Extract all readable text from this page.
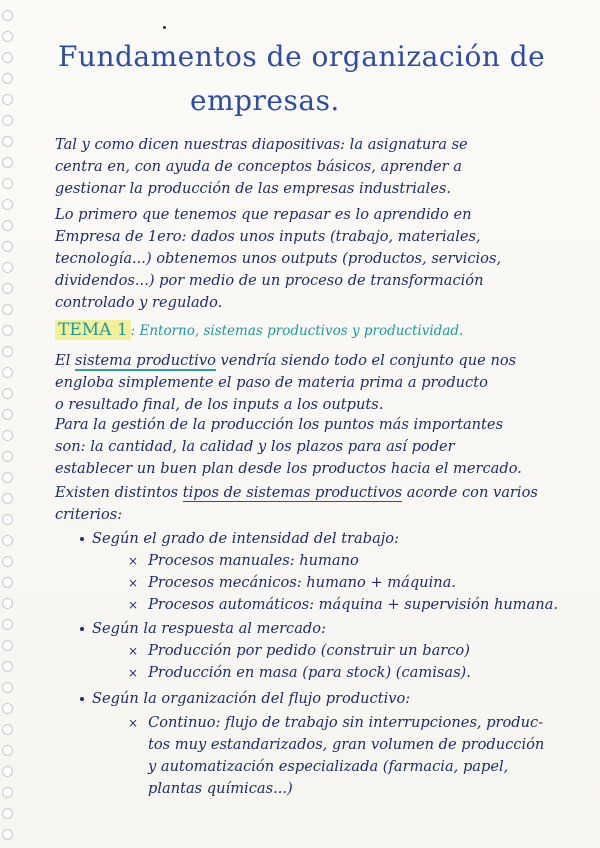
Fundamentos de organización de
empresas.
Tal y como dicen nuestras diapositivas: la asignatura se
centra en, con ayuda de conceptos básicos, aprender a
gestionar la producción de las empresas industriales.
Lo primero que tenemos que repasar es lo aprendido en
Empresa de 1ero: dados unos inputs (trabajo, materiales,
tecnología...) obtenemos unos outputs (productos, servicios,
dividendos...) por medio de un proceso de transformación
controlado y regulado.
TEMA 1 : Entorno, sistemas productivos y productividad.
El sistema productivo vendría siendo todo el conjunto que nos
engloba simplemente el paso de materia prima a producto
o resultado final, de los inputs a los outputs.
Para la gestión de la producción los puntos más importantes
son: la cantidad, la calidad y los plazos para así poder
establecer un buen plan desde los productos hacia el mercado.
Existen distintos tipos de sistemas productivos acorde con varios
criterios:
Según el grado de intensidad del trabajo:
× Procesos manuales: humano
× Procesos mecánicos: humano + máquina.
× Procesos automáticos: máquina + supervisión humana.
Según la respuesta al mercado:
× Producción por pedido (construir un barco)
× Producción en masa (para stock) (camisas).
Según la organización del flujo productivo:
× Continuo: flujo de trabajo sin interrupciones, produc-
tos muy estandarizados, gran volumen de producción
y automatización especializada (farmacia, papel,
plantas químicas...)
